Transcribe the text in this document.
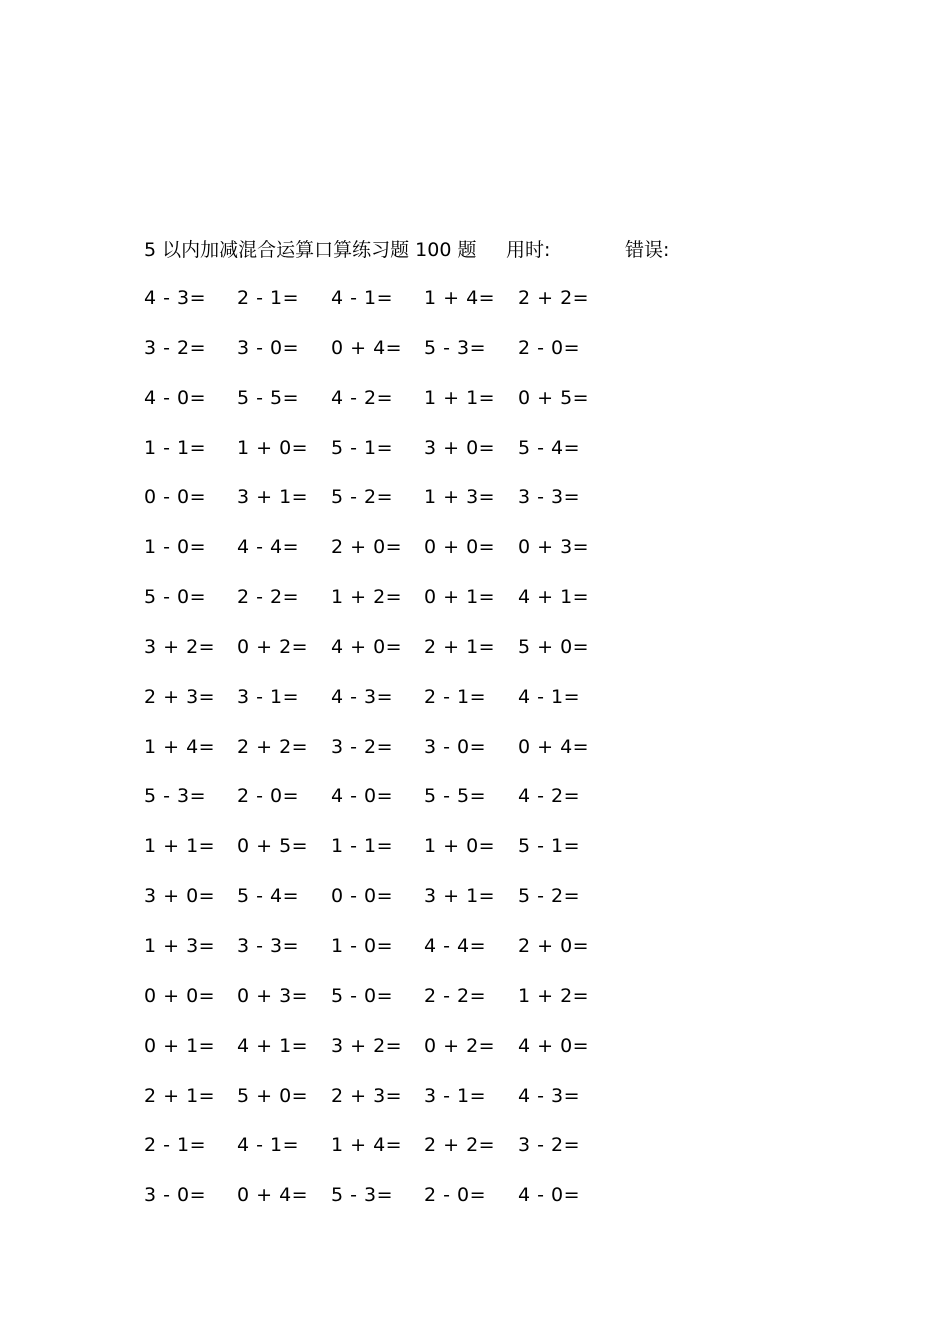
5 以内加减混合运算口算练习题 100 题 用时:	错误:
4 - 3= 2 - 1= 4 - 1= 1 + 4= 2 + 2=
3 - 2= 3 - 0= 0 + 4= 5 - 3= 2 - 0=
4 - 0= 5 - 5= 4 - 2= 1 + 1= 0 + 5=
1 - 1= 1 + 0= 5 - 1= 3 + 0= 5 - 4=
0 - 0= 3 + 1= 5 - 2= 1 + 3= 3 - 3=
1 - 0= 4 - 4= 2 + 0= 0 + 0= 0 + 3=
5 - 0= 2 - 2= 1 + 2= 0 + 1= 4 + 1=
3 + 2= 0 + 2= 4 + 0= 2 + 1= 5 + 0=
2 + 3= 3 - 1= 4 - 3= 2 - 1= 4 - 1=
1 + 4= 2 + 2= 3 - 2= 3 - 0= 0 + 4=
5 - 3= 2 - 0= 4 - 0= 5 - 5= 4 - 2=
1 + 1= 0 + 5= 1 - 1= 1 + 0= 5 - 1=
3 + 0= 5 - 4= 0 - 0= 3 + 1= 5 - 2=
1 + 3= 3 - 3= 1 - 0= 4 - 4= 2 + 0=
0 + 0= 0 + 3= 5 - 0= 2 - 2= 1 + 2=
0 + 1= 4 + 1= 3 + 2= 0 + 2= 4 + 0=
2 + 1= 5 + 0= 2 + 3= 3 - 1= 4 - 3=
2 - 1= 4 - 1= 1 + 4= 2 + 2= 3 - 2=
3 - 0= 0 + 4= 5 - 3= 2 - 0= 4 - 0=
